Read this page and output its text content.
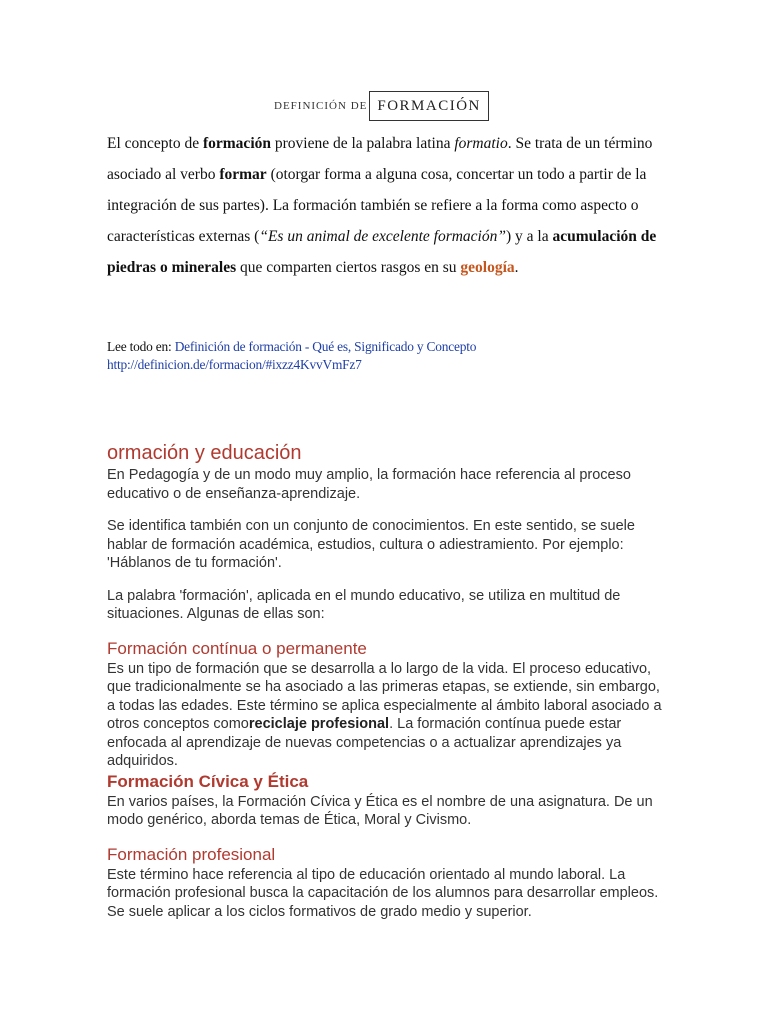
DEFINICIÓN DE FORMACIÓN

El concepto de formación proviene de la palabra latina formatio. Se trata de un término asociado al verbo formar (otorgar forma a alguna cosa, concertar un todo a partir de la integración de sus partes). La formación también se refiere a la forma como aspecto o características externas (“Es un animal de excelente formación”) y a la acumulación de piedras o minerales que comparten ciertos rasgos en su geología.

Lee todo en: Definición de formación - Qué es, Significado y Concepto http://definicion.de/formacion/#ixzz4KvvVmFz7
ormación y educación

En Pedagogía y de un modo muy amplio, la formación hace referencia al proceso educativo o de enseñanza-aprendizaje.

Se identifica también con un conjunto de conocimientos. En este sentido, se suele hablar de formación académica, estudios, cultura o adiestramiento. Por ejemplo: 'Háblanos de tu formación'.

La palabra 'formación', aplicada en el mundo educativo, se utiliza en multitud de situaciones. Algunas de ellas son:

Formación contínua o permanente

Es un tipo de formación que se desarrolla a lo largo de la vida. El proceso educativo, que tradicionalmente se ha asociado a las primeras etapas, se extiende, sin embargo, a todas las edades. Este término se aplica especialmente al ámbito laboral asociado a otros conceptos comoreciclaje profesional. La formación contínua puede estar enfocada al aprendizaje de nuevas competencias o a actualizar aprendizajes ya adquiridos.

Formación Cívica y Ética

En varios países, la Formación Cívica y Ética es el nombre de una asignatura. De un modo genérico, aborda temas de Ética, Moral y Civismo.

Formación profesional

Este término hace referencia al tipo de educación orientado al mundo laboral. La formación profesional busca la capacitación de los alumnos para desarrollar empleos. Se suele aplicar a los ciclos formativos de grado medio y superior.
